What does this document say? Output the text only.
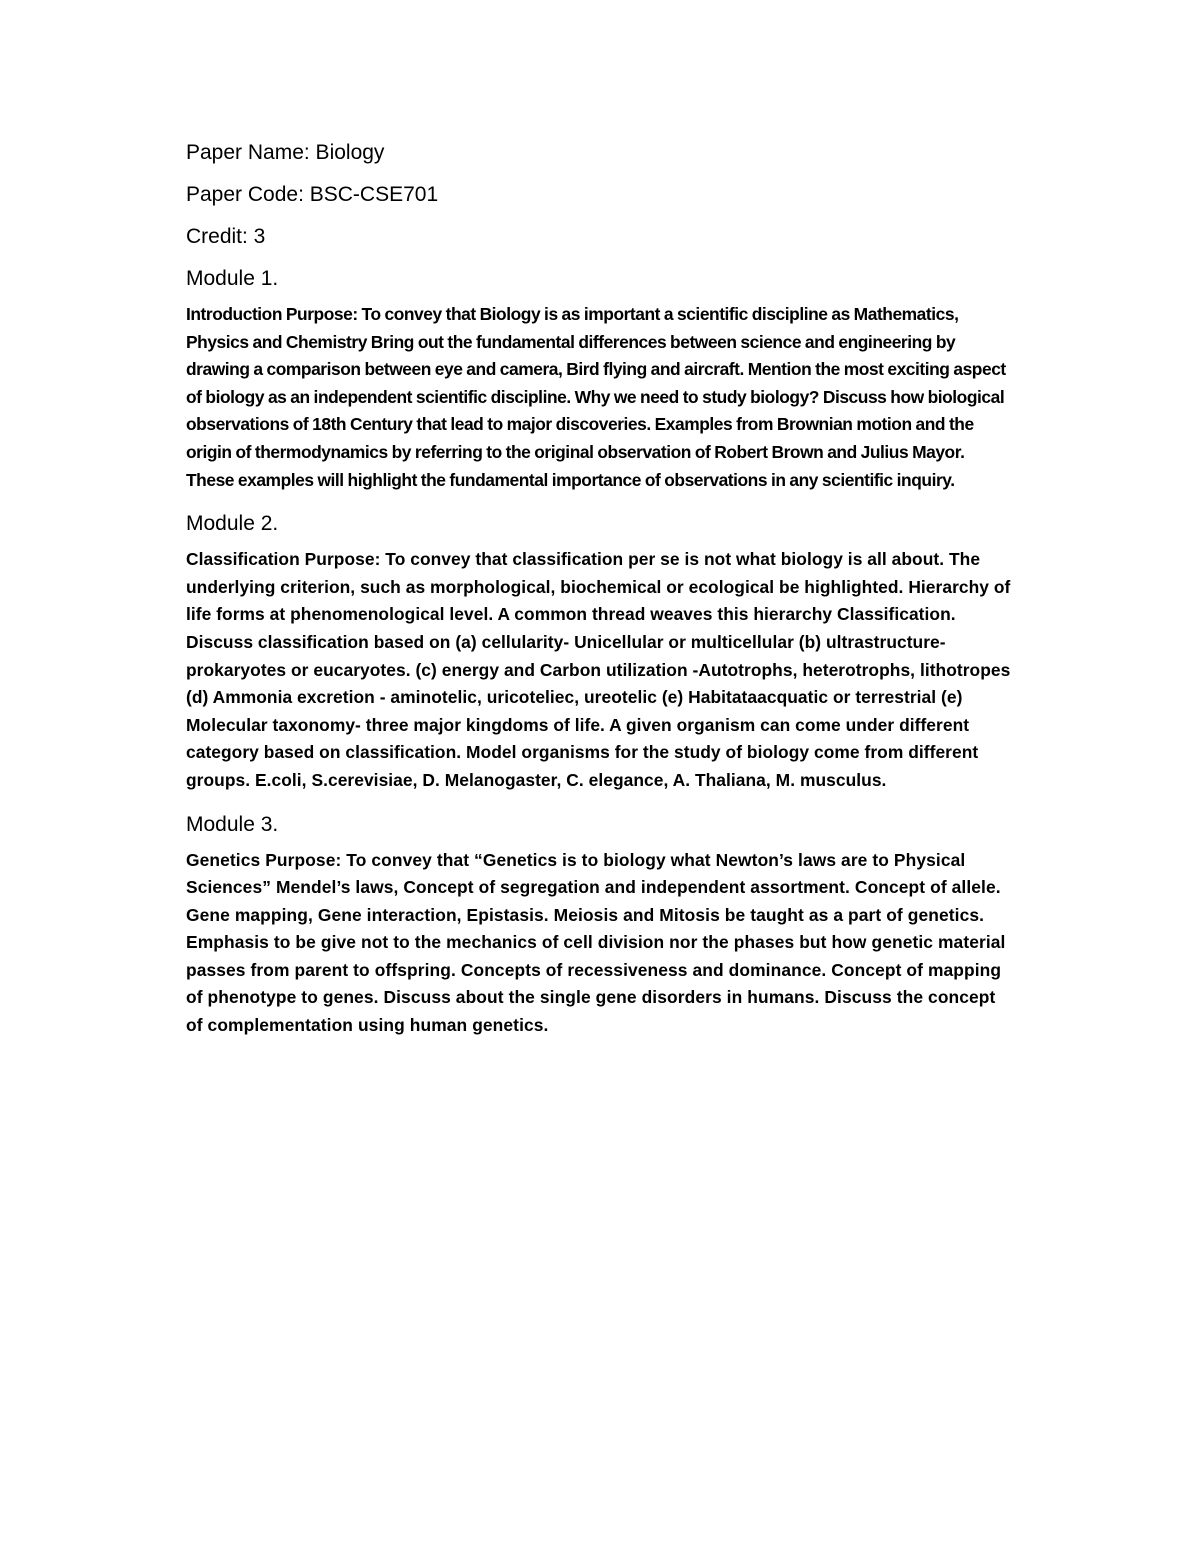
Paper Name: Biology

Paper Code: BSC-CSE701

Credit: 3

Module 1.

Introduction Purpose: To convey that Biology is as important a scientific discipline as Mathematics, Physics and Chemistry Bring out the fundamental differences between science and engineering by drawing a comparison between eye and camera, Bird flying and aircraft. Mention the most exciting aspect of biology as an independent scientific discipline. Why we need to study biology? Discuss how biological observations of 18th Century that lead to major discoveries. Examples from Brownian motion and the origin of thermodynamics by referring to the original observation of Robert Brown and Julius Mayor. These examples will highlight the fundamental importance of observations in any scientific inquiry.

Module 2.

Classification Purpose: To convey that classification per se is not what biology is all about. The underlying criterion, such as morphological, biochemical or ecological be highlighted. Hierarchy of life forms at phenomenological level. A common thread weaves this hierarchy Classification. Discuss classification based on (a) cellularity- Unicellular or multicellular (b) ultrastructure- prokaryotes or eucaryotes. (c) energy and Carbon utilization -Autotrophs, heterotrophs, lithotropes (d) Ammonia excretion - aminotelic, uricoteliec, ureotelic (e) Habitataacquatic or terrestrial (e) Molecular taxonomy- three major kingdoms of life. A given organism can come under different category based on classification. Model organisms for the study of biology come from different groups. E.coli, S.cerevisiae, D. Melanogaster, C. elegance, A. Thaliana, M. musculus.

Module 3.

Genetics Purpose: To convey that “Genetics is to biology what Newton’s laws are to Physical Sciences” Mendel’s laws, Concept of segregation and independent assortment. Concept of allele. Gene mapping, Gene interaction, Epistasis. Meiosis and Mitosis be taught as a part of genetics. Emphasis to be give not to the mechanics of cell division nor the phases but how genetic material passes from parent to offspring. Concepts of recessiveness and dominance. Concept of mapping of phenotype to genes. Discuss about the single gene disorders in humans. Discuss the concept of complementation using human genetics.
